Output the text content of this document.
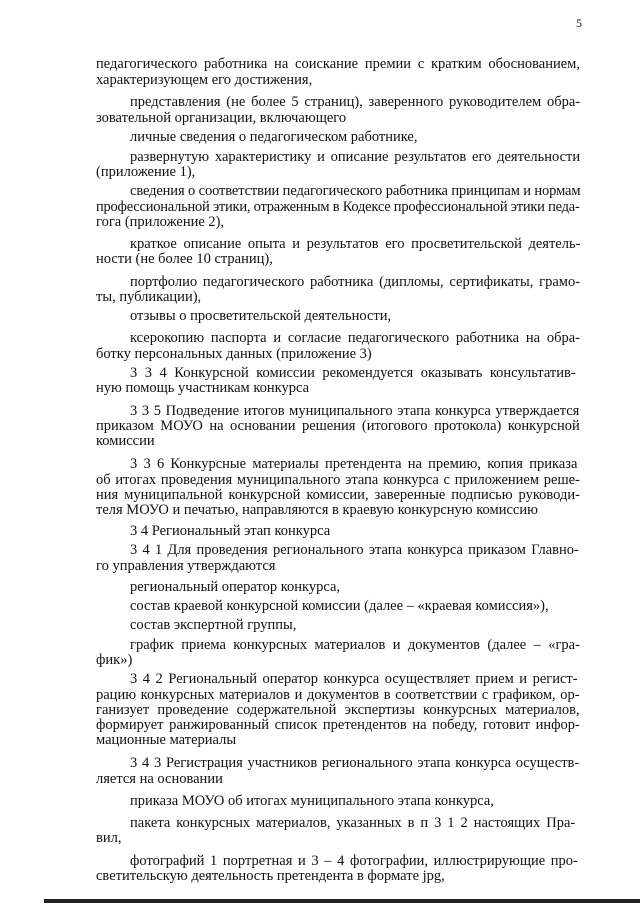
5
педагогического работника на соискание премии с кратким обоснованием,
характеризующем его достижения,
представления (не более 5 страниц), заверенного руководителем обра-
зовательной организации, включающего
личные сведения о педагогическом работнике,
развернутую характеристику и описание результатов его деятельности
(приложение 1),
сведения о соответствии педагогического работника принципам и нормам
профессиональной этики, отраженным в Кодексе профессиональной этики педа-
гога (приложение 2),
краткое описание опыта и результатов его просветительской деятель-
ности (не более 10 страниц),
портфолио педагогического работника (дипломы, сертификаты, грамо-
ты, публикации),
отзывы о просветительской деятельности,
ксерокопию паспорта и согласие педагогического работника на обра-
ботку персональных данных (приложение 3)
3 3 4 Конкурсной комиссии рекомендуется оказывать консультатив-
ную помощь участникам конкурса
3 3 5 Подведение итогов муниципального этапа конкурса утверждается
приказом МОУО на основании решения (итогового протокола) конкурсной
комиссии
3 3 6 Конкурсные материалы претендента на премию, копия приказа
об итогах проведения муниципального этапа конкурса с приложением реше-
ния муниципальной конкурсной комиссии, заверенные подписью руководи-
теля МОУО и печатью, направляются в краевую конкурсную комиссию
3 4 Региональный этап конкурса
3 4 1 Для проведения регионального этапа конкурса приказом Главно-
го управления утверждаются
региональный оператор конкурса,
состав краевой конкурсной комиссии (далее – «краевая комиссия»),
состав экспертной группы,
график приема конкурсных материалов и документов (далее – «гра-
фик»)
3 4 2 Региональный оператор конкурса осуществляет прием и регист-
рацию конкурсных материалов и документов в соответствии с графиком, ор-
ганизует проведение содержательной экспертизы конкурсных материалов,
формирует ранжированный список претендентов на победу, готовит инфор-
мационные материалы
3 4 3 Регистрация участников регионального этапа конкурса осуществ-
ляется на основании
приказа МОУО об итогах муниципального этапа конкурса,
пакета конкурсных материалов, указанных в п 3 1 2 настоящих Пра-
вил,
фотографий 1 портретная и 3 – 4 фотографии, иллюстрирующие про-
светительскую деятельность претендента в формате jpg,
